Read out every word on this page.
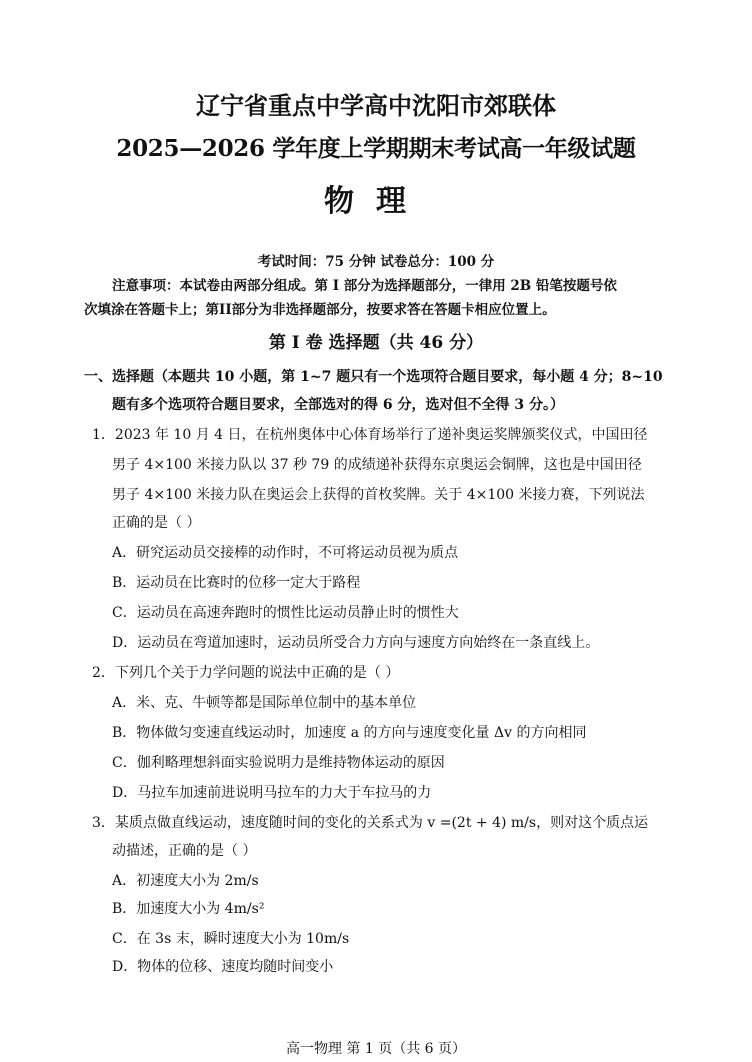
辽宁省重点中学高中沈阳市郊联体
2025—2026 学年度上学期期末考试高一年级试题
物理
考试时间：75 分钟 试卷总分：100 分
注意事项：本试卷由两部分组成。第 I 部分为选择题部分，一律用 2B 铅笔按题号依
次填涂在答题卡上；第II部分为非选择题部分，按要求答在答题卡相应位置上。
第 I 卷 选择题（共 46 分）
一、选择题（本题共 10 小题，第 1~7 题只有一个选项符合题目要求，每小题 4 分；8~10
题有多个选项符合题目要求，全部选对的得 6 分，选对但不全得 3 分。）
1．2023 年 10 月 4 日，在杭州奥体中心体育场举行了递补奥运奖牌颁奖仪式，中国田径
男子 4×100 米接力队以 37 秒 79 的成绩递补获得东京奥运会铜牌，这也是中国田径
男子 4×100 米接力队在奥运会上获得的首枚奖牌。关于 4×100 米接力赛，下列说法
正确的是（ ）
A．研究运动员交接棒的动作时，不可将运动员视为质点
B．运动员在比赛时的位移一定大于路程
C．运动员在高速奔跑时的惯性比运动员静止时的惯性大
D．运动员在弯道加速时，运动员所受合力方向与速度方向始终在一条直线上。
2．下列几个关于力学问题的说法中正确的是（ ）
A．米、克、牛顿等都是国际单位制中的基本单位
B．物体做匀变速直线运动时，加速度 a 的方向与速度变化量 Δv 的方向相同
C．伽利略理想斜面实验说明力是维持物体运动的原因
D．马拉车加速前进说明马拉车的力大于车拉马的力
3．某质点做直线运动，速度随时间的变化的关系式为 v =(2t + 4) m/s，则对这个质点运
动描述，正确的是（ ）
A．初速度大小为 2m/s
B．加速度大小为 4m/s²
C．在 3s 末，瞬时速度大小为 10m/s
D．物体的位移、速度均随时间变小
高一物理 第 1 页（共 6 页）
